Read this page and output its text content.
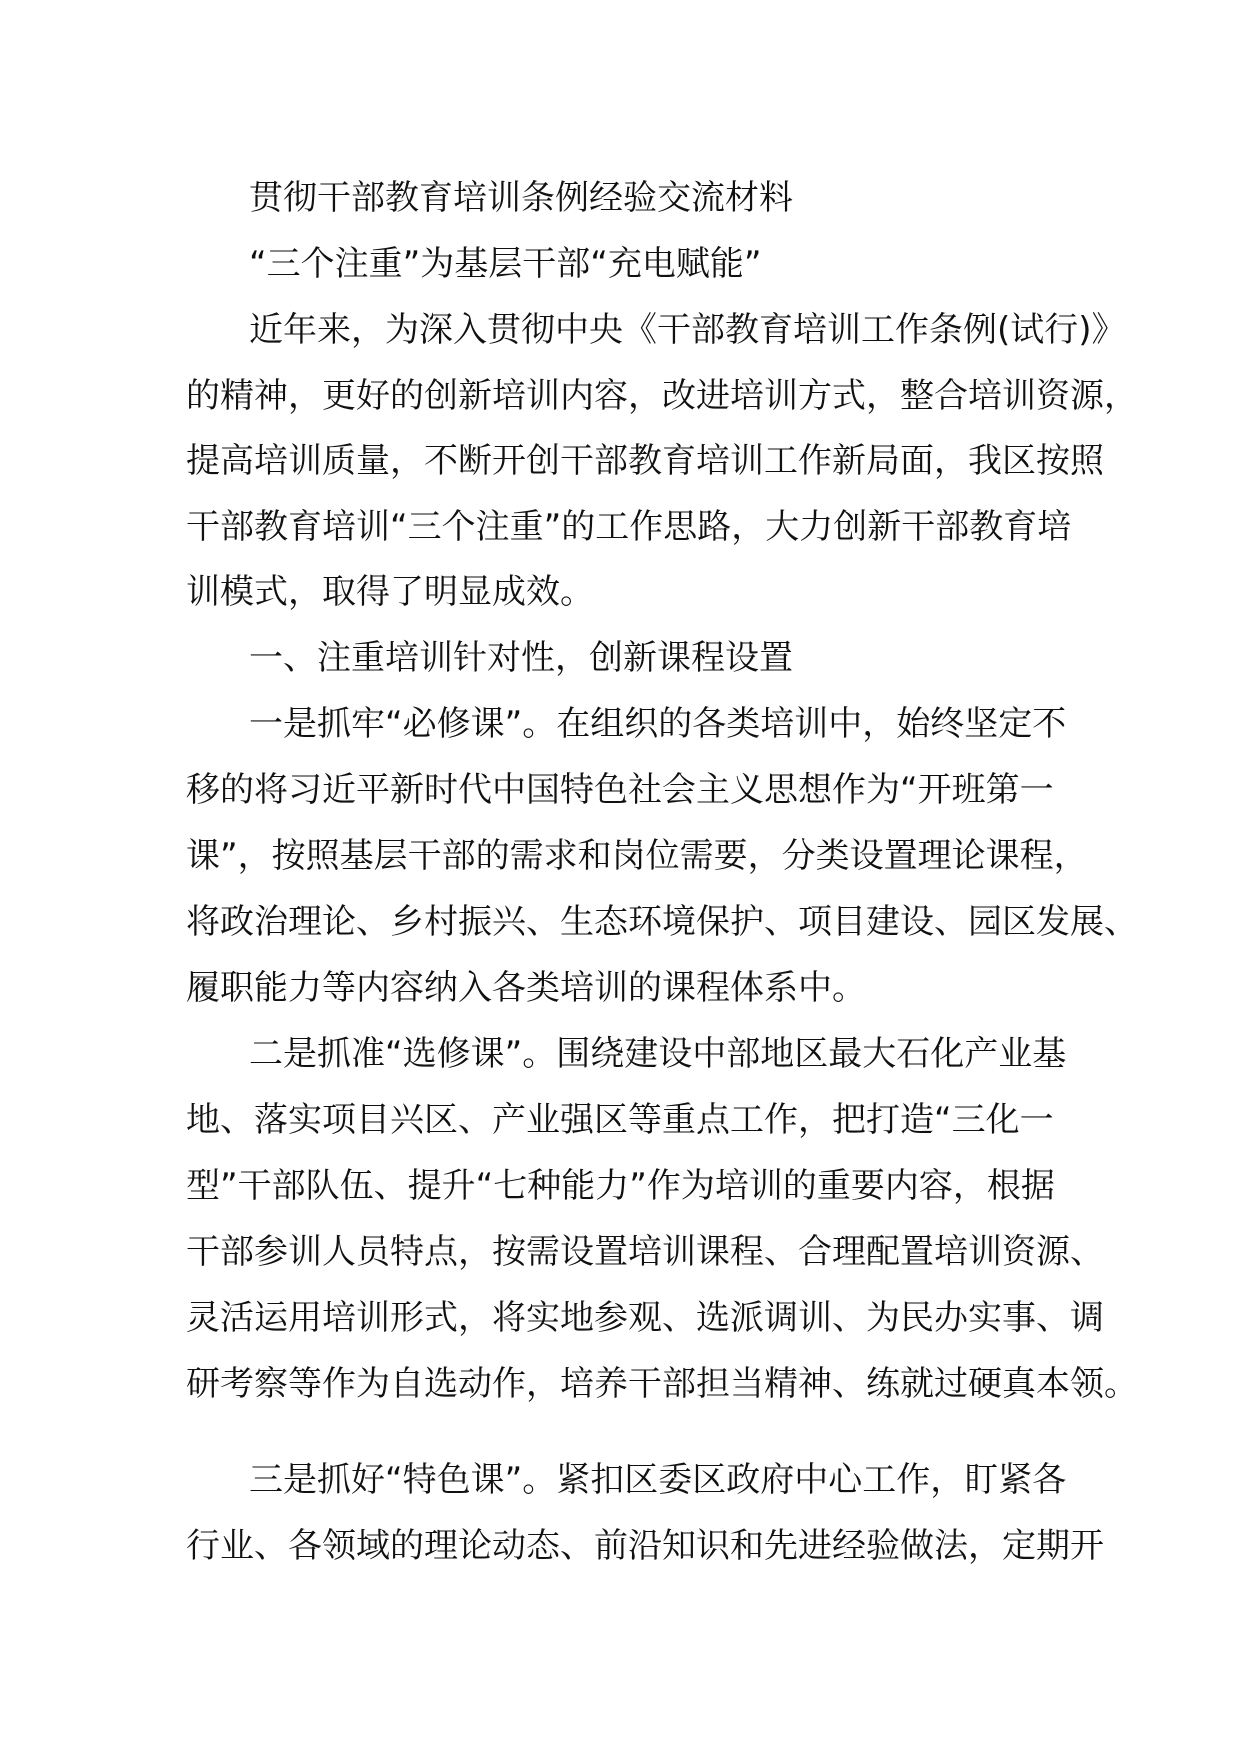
贯彻干部教育培训条例经验交流材料
“三个注重”为基层干部“充电赋能”
近年来，为深入贯彻中央《干部教育培训工作条例(试行)》
的精神，更好的创新培训内容，改进培训方式，整合培训资源，
提高培训质量，不断开创干部教育培训工作新局面，我区按照
干部教育培训“三个注重”的工作思路，大力创新干部教育培
训模式，取得了明显成效。
一、注重培训针对性，创新课程设置
一是抓牢“必修课”。在组织的各类培训中，始终坚定不
移的将习近平新时代中国特色社会主义思想作为“开班第一
课”，按照基层干部的需求和岗位需要，分类设置理论课程，
将政治理论、乡村振兴、生态环境保护、项目建设、园区发展、
履职能力等内容纳入各类培训的课程体系中。
二是抓准“选修课”。围绕建设中部地区最大石化产业基
地、落实项目兴区、产业强区等重点工作，把打造“三化一
型”干部队伍、提升“七种能力”作为培训的重要内容，根据
干部参训人员特点，按需设置培训课程、合理配置培训资源、
灵活运用培训形式，将实地参观、选派调训、为民办实事、调
研考察等作为自选动作，培养干部担当精神、练就过硬真本领。
三是抓好“特色课”。紧扣区委区政府中心工作，盯紧各
行业、各领域的理论动态、前沿知识和先进经验做法，定期开
